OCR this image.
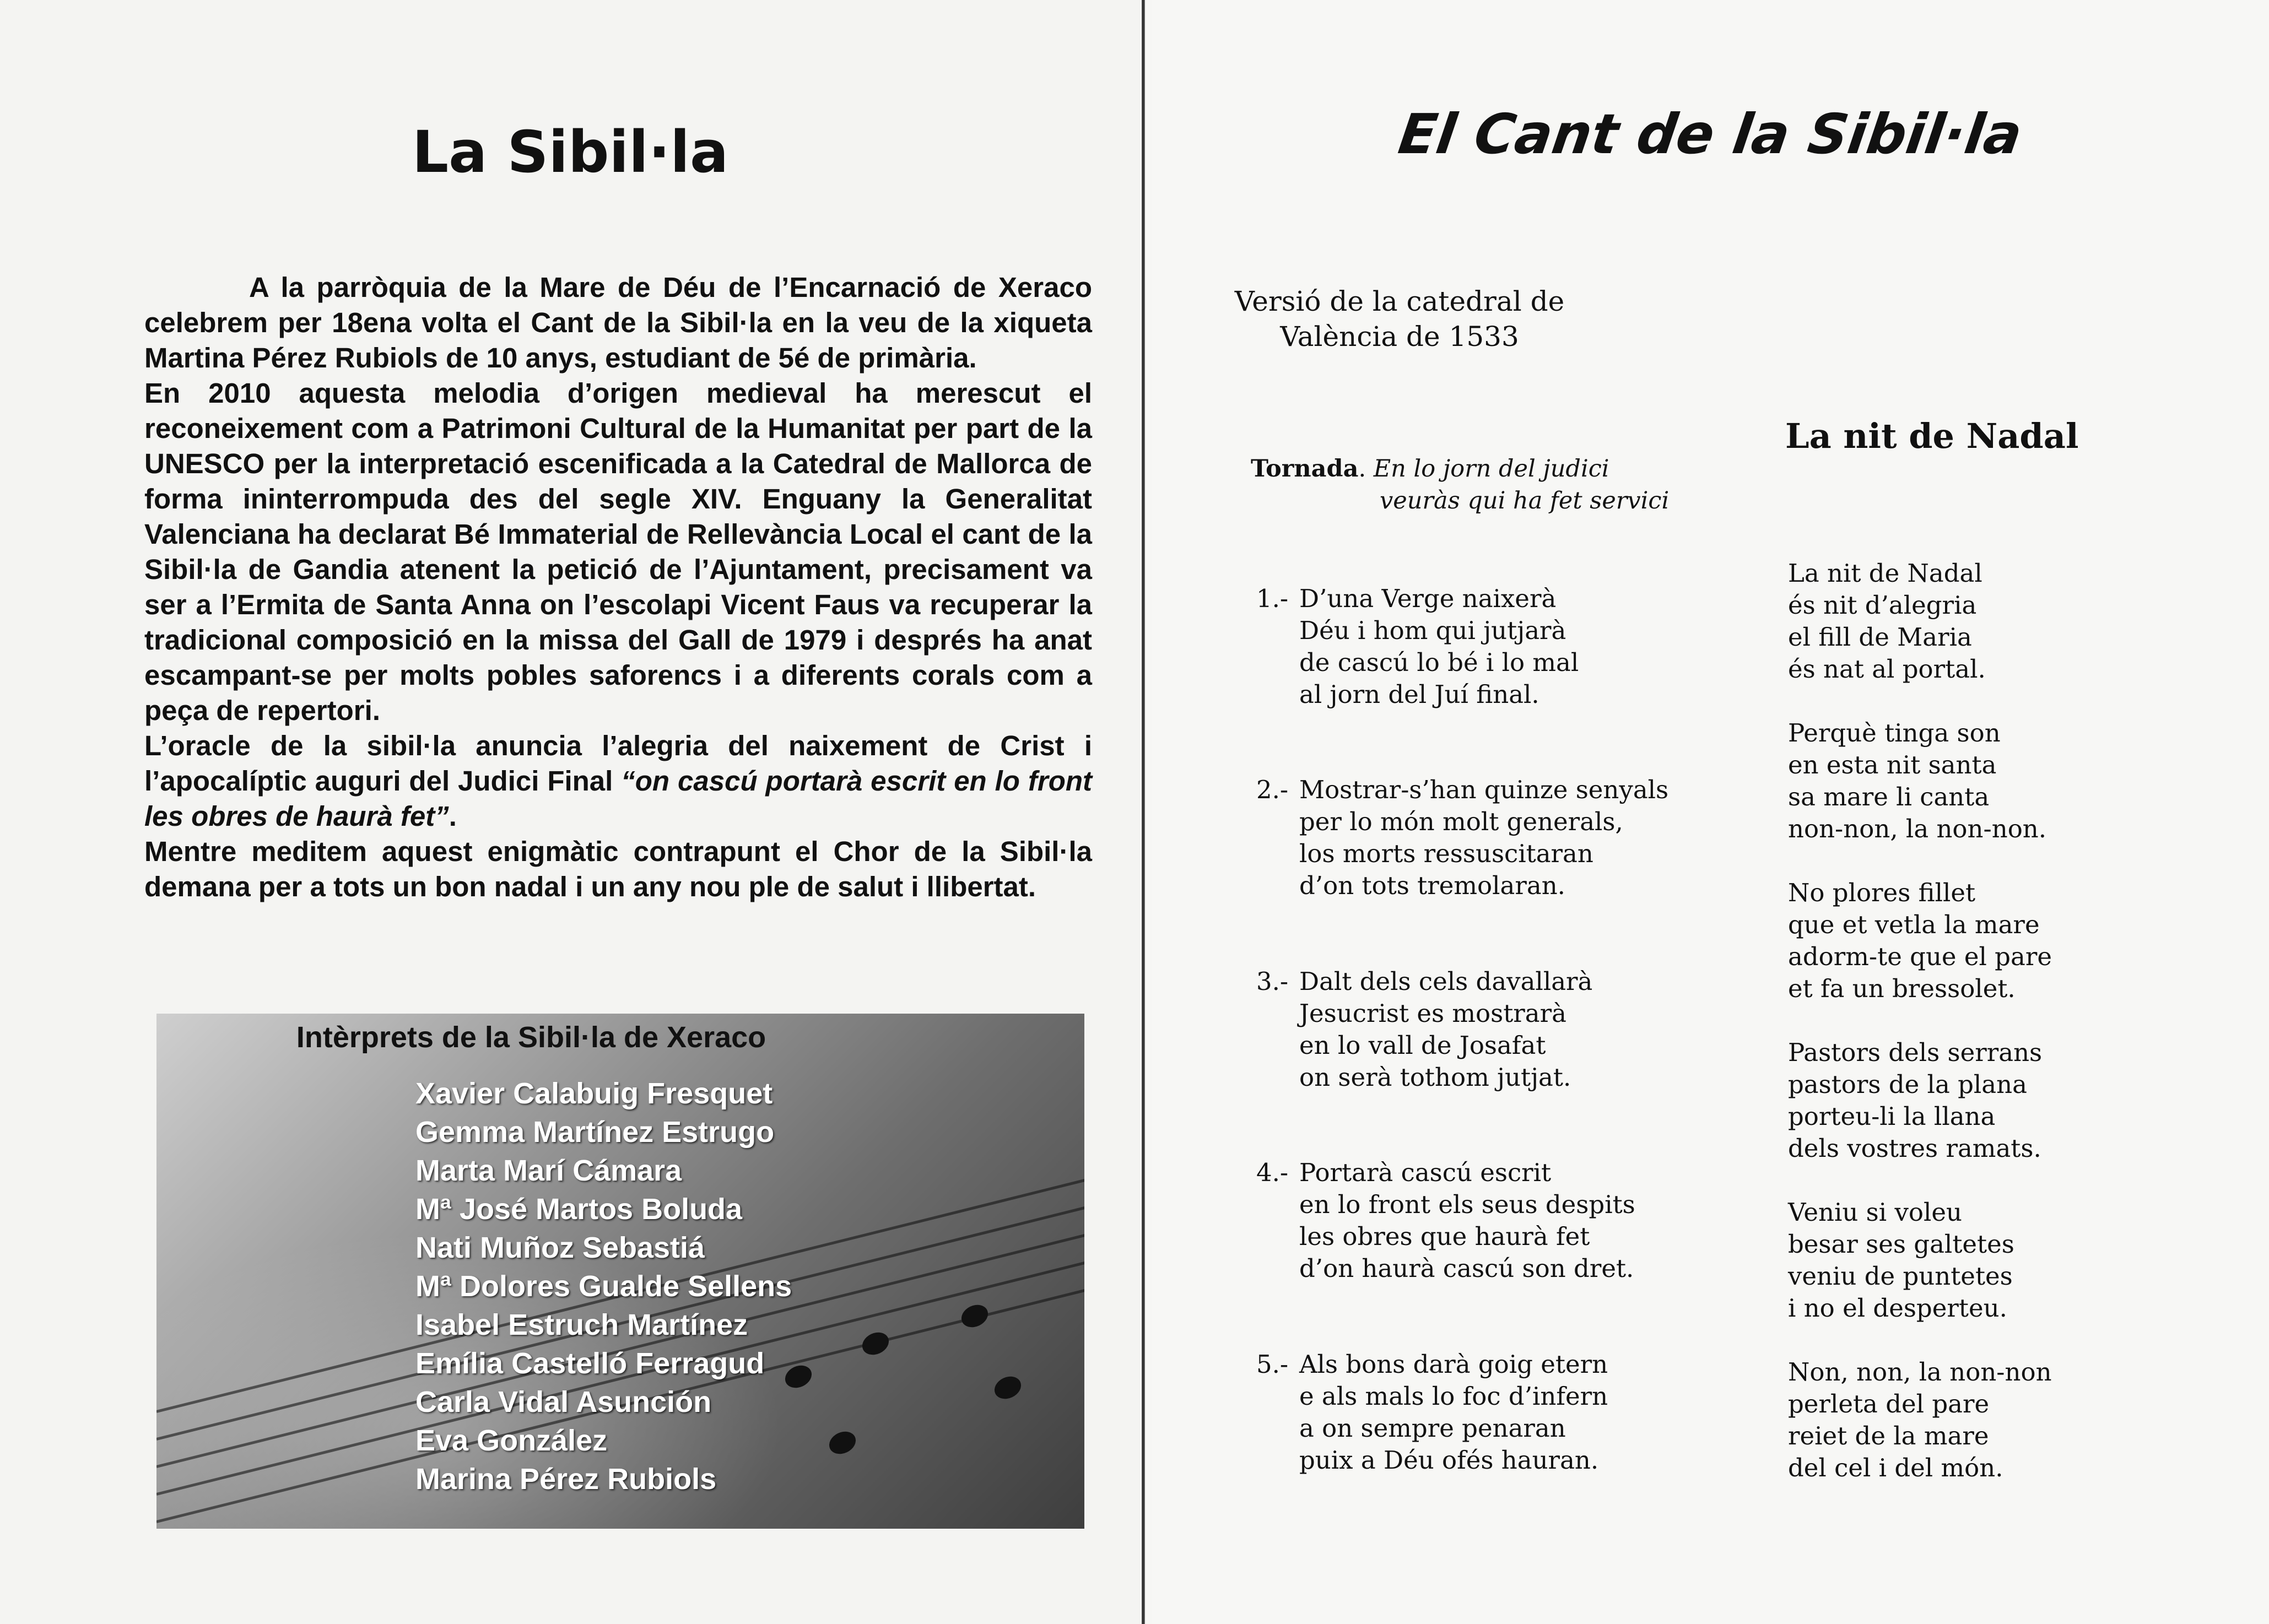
La Sibil·la

A la parròquia de la Mare de Déu de l’Encarnació de Xeraco celebrem per 18ena volta el Cant de la Sibil·la en la veu de la xiqueta Martina Pérez Rubiols de 10 anys, estudiant de 5é de primària.

En 2010 aquesta melodia d’origen medieval ha merescut el reconeixement com a Patrimoni Cultural de la Humanitat per part de la UNESCO per la interpretació escenificada a la Catedral de Mallorca de forma ininterrompuda des del segle XIV. Enguany la Generalitat Valenciana ha declarat Bé Immaterial de Rellevància Local el cant de la Sibil·la de Gandia atenent la petició de l’Ajuntament, precisament va ser a l’Ermita de Santa Anna on l’escolapi Vicent Faus va recuperar la tradicional composició en la missa del Gall de 1979 i després ha anat escampant-se per molts pobles saforencs i a diferents corals com a peça de repertori.

L’oracle de la sibil·la anuncia l’alegria del naixement de Crist i l’apocalíptic auguri del Judici Final “on cascú portarà escrit en lo front les obres de haurà fet”.

Mentre meditem aquest enigmàtic contrapunt el Chor de la Sibil·la demana per a tots un bon nadal i un any nou ple de salut i llibertat.

Intèrprets de la Sibil·la de Xeraco
Xavier Calabuig Fresquet
Gemma Martínez Estrugo
Marta Marí Cámara
Mª José Martos Boluda
Nati Muñoz Sebastiá
Mª Dolores Gualde Sellens
Isabel Estruch Martínez
Emília Castelló Ferragud
Carla Vidal Asunción
Eva González
Marina Pérez Rubiols
El Cant de la Sibil·la
Versió de la catedral de
València de 1533
La nit de Nadal
Tornada. En lo jorn del judici
veuràs qui ha fet servici
1.- D’una Verge naixerà
Déu i hom qui jutjarà
de cascú lo bé i lo mal
al jorn del Juí final.
2.- Mostrar-s’han quinze senyals
per lo món molt generals,
los morts ressuscitaran
d’on tots tremolaran.
3.- Dalt dels cels davallarà
Jesucrist es mostrarà
en lo vall de Josafat
on serà tothom jutjat.
4.- Portarà cascú escrit
en lo front els seus despits
les obres que haurà fet
d’on haurà cascú son dret.
5.- Als bons darà goig etern
e als mals lo foc d’infern
a on sempre penaran
puix a Déu ofés hauran.
La nit de Nadal
és nit d’alegria
el fill de Maria
és nat al portal.
Perquè tinga son
en esta nit santa
sa mare li canta
non-non, la non-non.
No plores fillet
que et vetla la mare
adorm-te que el pare
et fa un bressolet.
Pastors dels serrans
pastors de la plana
porteu-li la llana
dels vostres ramats.
Veniu si voleu
besar ses galtetes
veniu de puntetes
i no el desperteu.
Non, non, la non-non
perleta del pare
reiet de la mare
del cel i del món.
